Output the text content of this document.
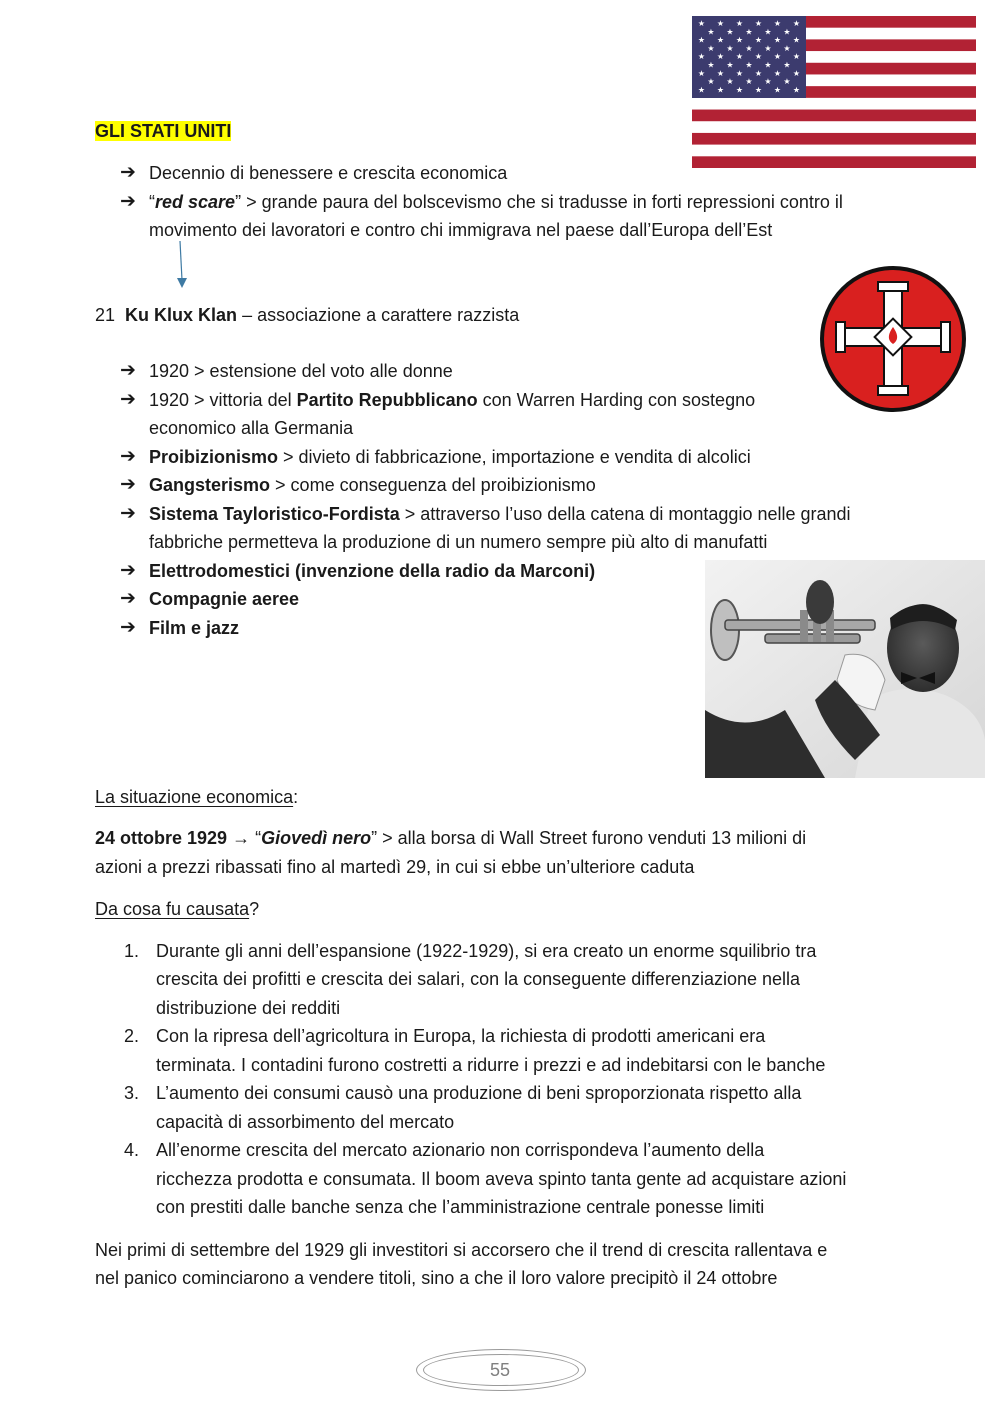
★ ★ ★ ★ ★ ★
★ ★ ★ ★ ★
★ ★ ★ ★ ★ ★
★ ★ ★ ★ ★
★ ★ ★ ★ ★ ★
★ ★ ★ ★ ★
★ ★ ★ ★ ★ ★
★ ★ ★ ★ ★
★ ★ ★ ★ ★ ★
GLI STATI UNITI
➔ Decennio di benessere e crescita economica
➔ “red scare” > grande paura del bolscevismo che si tradusse in forti repressioni contro il
movimento dei lavoratori e contro chi immigrava nel paese dall’Europa dell’Est
21 Ku Klux Klan – associazione a carattere razzista
➔ 1920 > estensione del voto alle donne
➔ 1920 > vittoria del Partito Repubblicano con Warren Harding con sostegno
economico alla Germania
➔ Proibizionismo > divieto di fabbricazione, importazione e vendita di alcolici
➔ Gangsterismo > come conseguenza del proibizionismo
➔ Sistema Tayloristico-Fordista > attraverso l’uso della catena di montaggio nelle grandi
fabbriche permetteva la produzione di un numero sempre più alto di manufatti
➔ Elettrodomestici (invenzione della radio da Marconi)
➔ Compagnie aeree
➔ Film e jazz
La situazione economica:
24 ottobre 1929 → “Giovedì nero” > alla borsa di Wall Street furono venduti 13 milioni di
azioni a prezzi ribassati fino al martedì 29, in cui si ebbe un’ulteriore caduta
Da cosa fu causata?
1. Durante gli anni dell’espansione (1922-1929), si era creato un enorme squilibrio tra
crescita dei profitti e crescita dei salari, con la conseguente differenziazione nella
distribuzione dei redditi
2. Con la ripresa dell’agricoltura in Europa, la richiesta di prodotti americani era
terminata. I contadini furono costretti a ridurre i prezzi e ad indebitarsi con le banche
3. L’aumento dei consumi causò una produzione di beni sproporzionata rispetto alla
capacità di assorbimento del mercato
4. All’enorme crescita del mercato azionario non corrispondeva l’aumento della
ricchezza prodotta e consumata. Il boom aveva spinto tanta gente ad acquistare azioni
con prestiti dalle banche senza che l’amministrazione centrale ponesse limiti
Nei primi di settembre del 1929 gli investitori si accorsero che il trend di crescita rallentava e
nel panico cominciarono a vendere titoli, sino a che il loro valore precipitò il 24 ottobre
55
